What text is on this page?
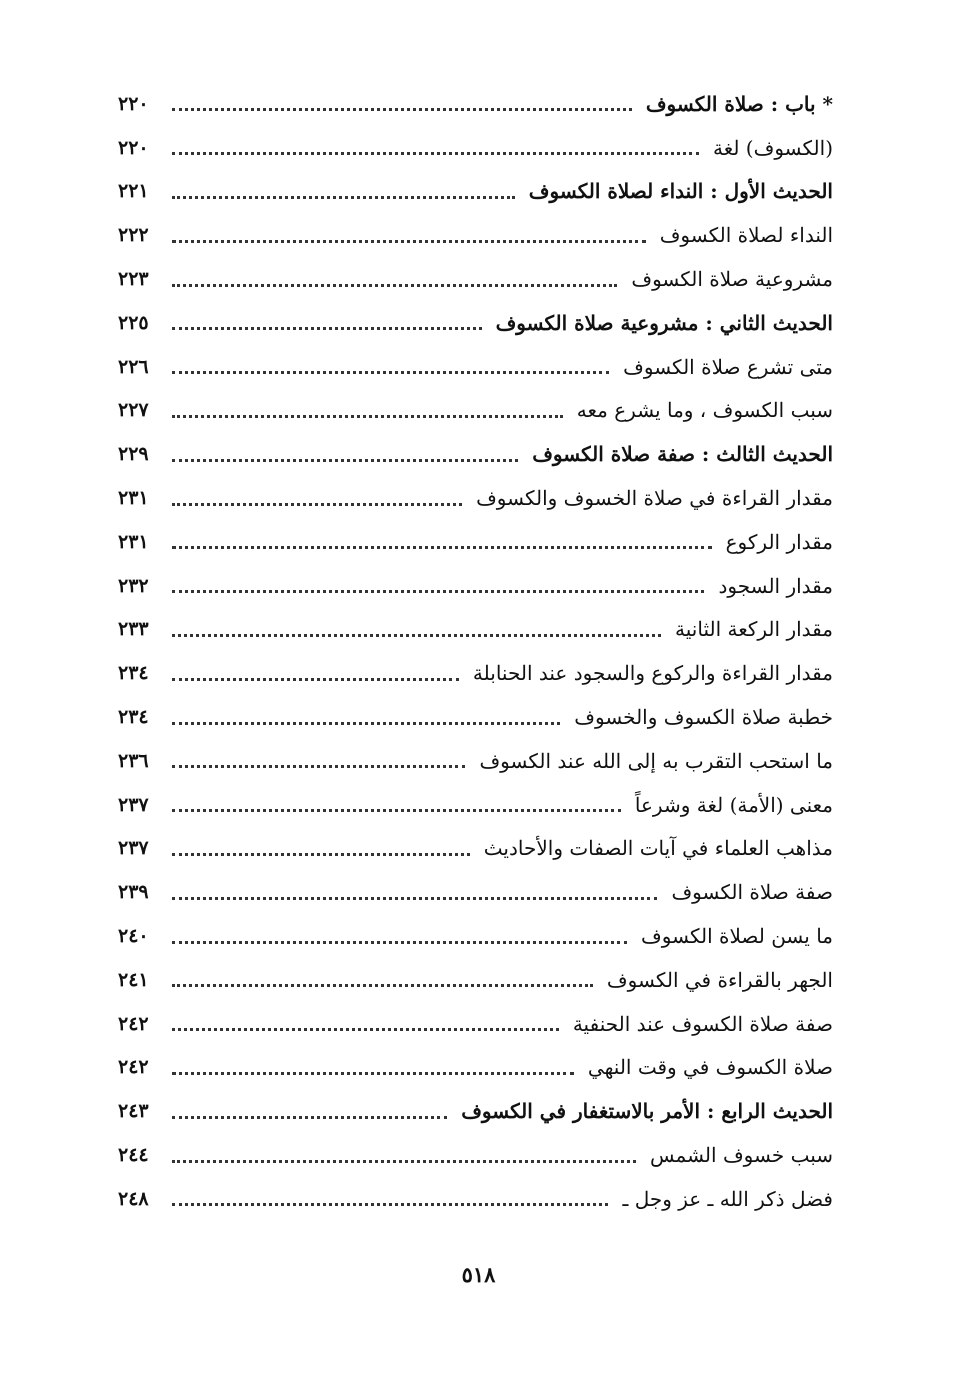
* باب : صلاة الكسوف
٢٢٠
(الكسوف) لغة
٢٢٠
الحديث الأول : النداء لصلاة الكسوف
٢٢١
النداء لصلاة الكسوف
٢٢٢
مشروعية صلاة الكسوف
٢٢٣
الحديث الثاني : مشروعية صلاة الكسوف
٢٢٥
متى تشرع صلاة الكسوف
٢٢٦
سبب الكسوف ، وما يشرع معه
٢٢٧
الحديث الثالث : صفة صلاة الكسوف
٢٢٩
مقدار القراءة في صلاة الخسوف والكسوف
٢٣١
مقدار الركوع
٢٣١
مقدار السجود
٢٣٢
مقدار الركعة الثانية
٢٣٣
مقدار القراءة والركوع والسجود عند الحنابلة
٢٣٤
خطبة صلاة الكسوف والخسوف
٢٣٤
ما استحب التقرب به إلى الله عند الكسوف
٢٣٦
معنى (الأمة) لغة وشرعاً
٢٣٧
مذاهب العلماء في آيات الصفات والأحاديث
٢٣٧
صفة صلاة الكسوف
٢٣٩
ما يسن لصلاة الكسوف
٢٤٠
الجهر بالقراءة في الكسوف
٢٤١
صفة صلاة الكسوف عند الحنفية
٢٤٢
صلاة الكسوف في وقت النهي
٢٤٢
الحديث الرابع : الأمر بالاستغفار في الكسوف
٢٤٣
سبب خسوف الشمس
٢٤٤
فضل ذكر الله ـ عز وجل ـ
٢٤٨
٥١٨
